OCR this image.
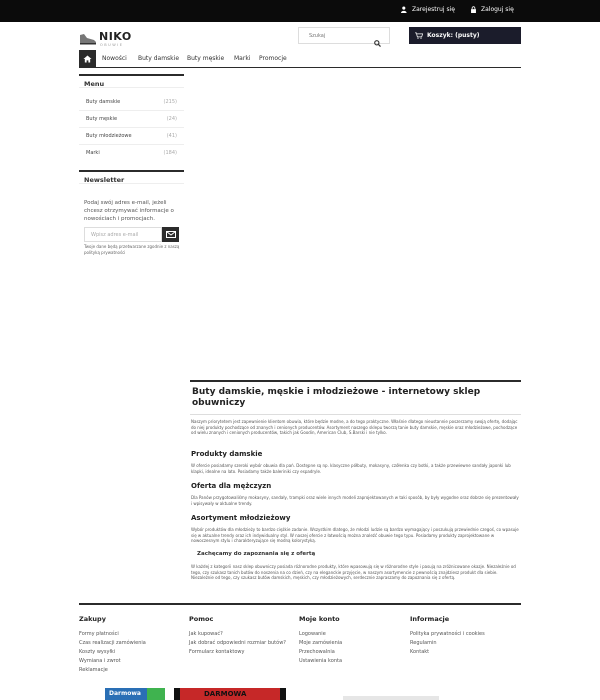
Zarejestruj się	Zaloguj się
NIKO
OBUWIE
Szukaj
Koszyk: (pusty)
Nowości Buty damskie Buty męskie Marki Promocje
Menu
Buty damskie	(215)
Buty męskie	(24)
Buty młodzieżowe	(41)
Marki	(184)
Newsletter
Podaj swój adres e-mail, jeżeli chcesz otrzymywać informacje o nowościach i promocjach.
Wpisz adres e-mail
Twoje dane będą przetwarzane zgodnie z naszą polityką prywatności
Buty damskie, męskie i młodzieżowe - internetowy sklep obuwniczy

Naszym priorytetem jest zapewnienie klientom obuwia, które będzie modne, a do tego praktyczne. Właśnie dlatego nieustannie poszerzamy swoją ofertę, dodając do niej produkty pochodzące od znanych i cenionych producentów. Asortyment naszego sklepu tworzą tanie buty damskie, męskie oraz młodzieżowe, pochodzące od wielu znanych i cenionych producentów, takich jak Goodin, American Club, S.Barski i nie tylko.

Produkty damskie

W ofercie posiadamy szeroki wybór obuwia dla pań. Dostępne są np. klasyczne półbuty, mokasyny, czółenka czy botki, a także przewiewne sandały japonki lub klapki, idealne na lato. Posiadamy także baleriniki czy espadryle.

Oferta dla mężczyzn

Dla Panów przygotowaliśmy mokasyny, sandały, trampki oraz wiele innych modeli zaprojektowanych w taki sposób, by były wygodne oraz dobrze się prezentowały i wpisywały w aktualne trendy.

Asortyment młodzieżowy

Wybór produktów dla młodzieży to bardzo ciężkie zadanie. Wszystkim dlatego, że młodzi ludzie są bardzo wymagający i poszukują przewiednie czegoś, co wpasuje się w aktualne trendy oraz ich indywidualny styl. W naszej ofercie z łatwością można znaleźć obuwie tego typu. Posiadamy produkty zaprojektowane w nowoczesnym stylu i charakteryzujące się modną kolorystyką.

Zachęcamy do zapoznania się z ofertą

W każdej z kategorii nasz sklep obuwniczy posiada różnorodne produkty, które wpasowują się w różnorodne style i pasują na zróżnicowane okazje. Niezależnie od tego, czy szukasz tanich butów do noszenia na co dzień, czy na eleganckie przyjęcie, w naszym asortymencie z pewnością znajdziesz produkt dla siebie. Niezależnie od tego, czy szukasz butów damskich, męskich, czy młodzieżowych, serdecznie zapraszamy do zapoznania się z ofertą.

Zakupy
Formy płatności
Czas realizacji zamówienia
Koszty wysyłki
Wymiana i zwrot
Reklamacje
Pomoc
Jak kupować?
Jak dobrać odpowiedni rozmiar butów?
Formularz kontaktowy
Moje konto
Logowanie
Moje zamówienia
Przechowalnia
Ustawienia konta
Informacje
Polityka prywatności i cookies
Regulamin
Kontakt
Darmowa	DARMOWA
